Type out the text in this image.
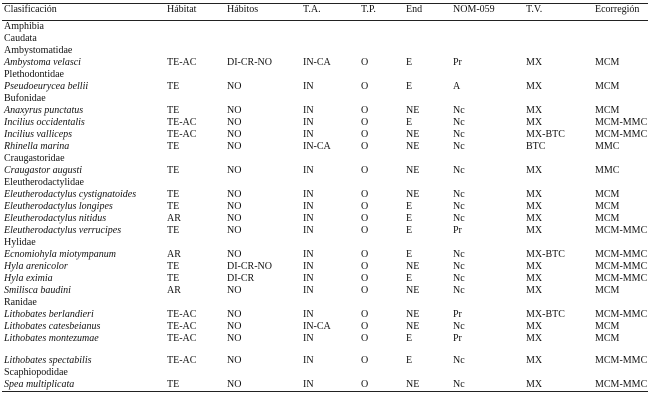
Clasificación	Hábitat	Hábitos	T.A.	T.P.	End	NOM-059	T.V.	Ecorregión
Amphibia								
Caudata								
Ambystomatidae								
Ambystoma velasci	TE-AC	DI-CR-NO	IN-CA	O	E	Pr	MX	MCM
Plethodontidae								
Pseudoeurycea bellii	TE	NO	IN	O	E	A	MX	MCM
Bufonidae								
Anaxyrus punctatus	TE	NO	IN	O	NE	Nc	MX	MCM
Incilius occidentalis	TE-AC	NO	IN	O	E	Nc	MX	MCM-MMC
Incilius valliceps	TE-AC	NO	IN	O	NE	Nc	MX-BTC	MCM-MMC
Rhinella marina	TE	NO	IN-CA	O	NE	Nc	BTC	MMC
Craugastoridae								
Craugastor augusti	TE	NO	IN	O	NE	Nc	MX	MMC
Eleutherodactylidae								
Eleutherodactylus cystignatoides	TE	NO	IN	O	NE	Nc	MX	MCM
Eleutherodactylus longipes	TE	NO	IN	O	E	Nc	MX	MCM
Eleutherodactylus nitidus	AR	NO	IN	O	E	Nc	MX	MCM
Eleutherodactylus verrucipes	TE	NO	IN	O	E	Pr	MX	MCM-MMC
Hylidae								
Ecnomiohyla miotympanum	AR	NO	IN	O	E	Nc	MX-BTC	MCM-MMC
Hyla arenicolor	TE	DI-CR-NO	IN	O	NE	Nc	MX	MCM-MMC
Hyla eximia	TE	DI-CR	IN	O	E	Nc	MX	MCM-MMC
Smilisca baudini	AR	NO	IN	O	NE	Nc	MX	MCM
Ranidae								
Lithobates berlandieri	TE-AC	NO	IN	O	NE	Pr	MX-BTC	MCM-MMC
Lithobates catesbeianus	TE-AC	NO	IN-CA	O	NE	Nc	MX	MCM
Lithobates montezumae	TE-AC	NO	IN	O	E	Pr	MX	MCM

Lithobates spectabilis	TE-AC	NO	IN	O	E	Nc	MX	MCM-MMC
Scaphiopodidae								
Spea multiplicata	TE	NO	IN	O	NE	Nc	MX	MCM-MMC
